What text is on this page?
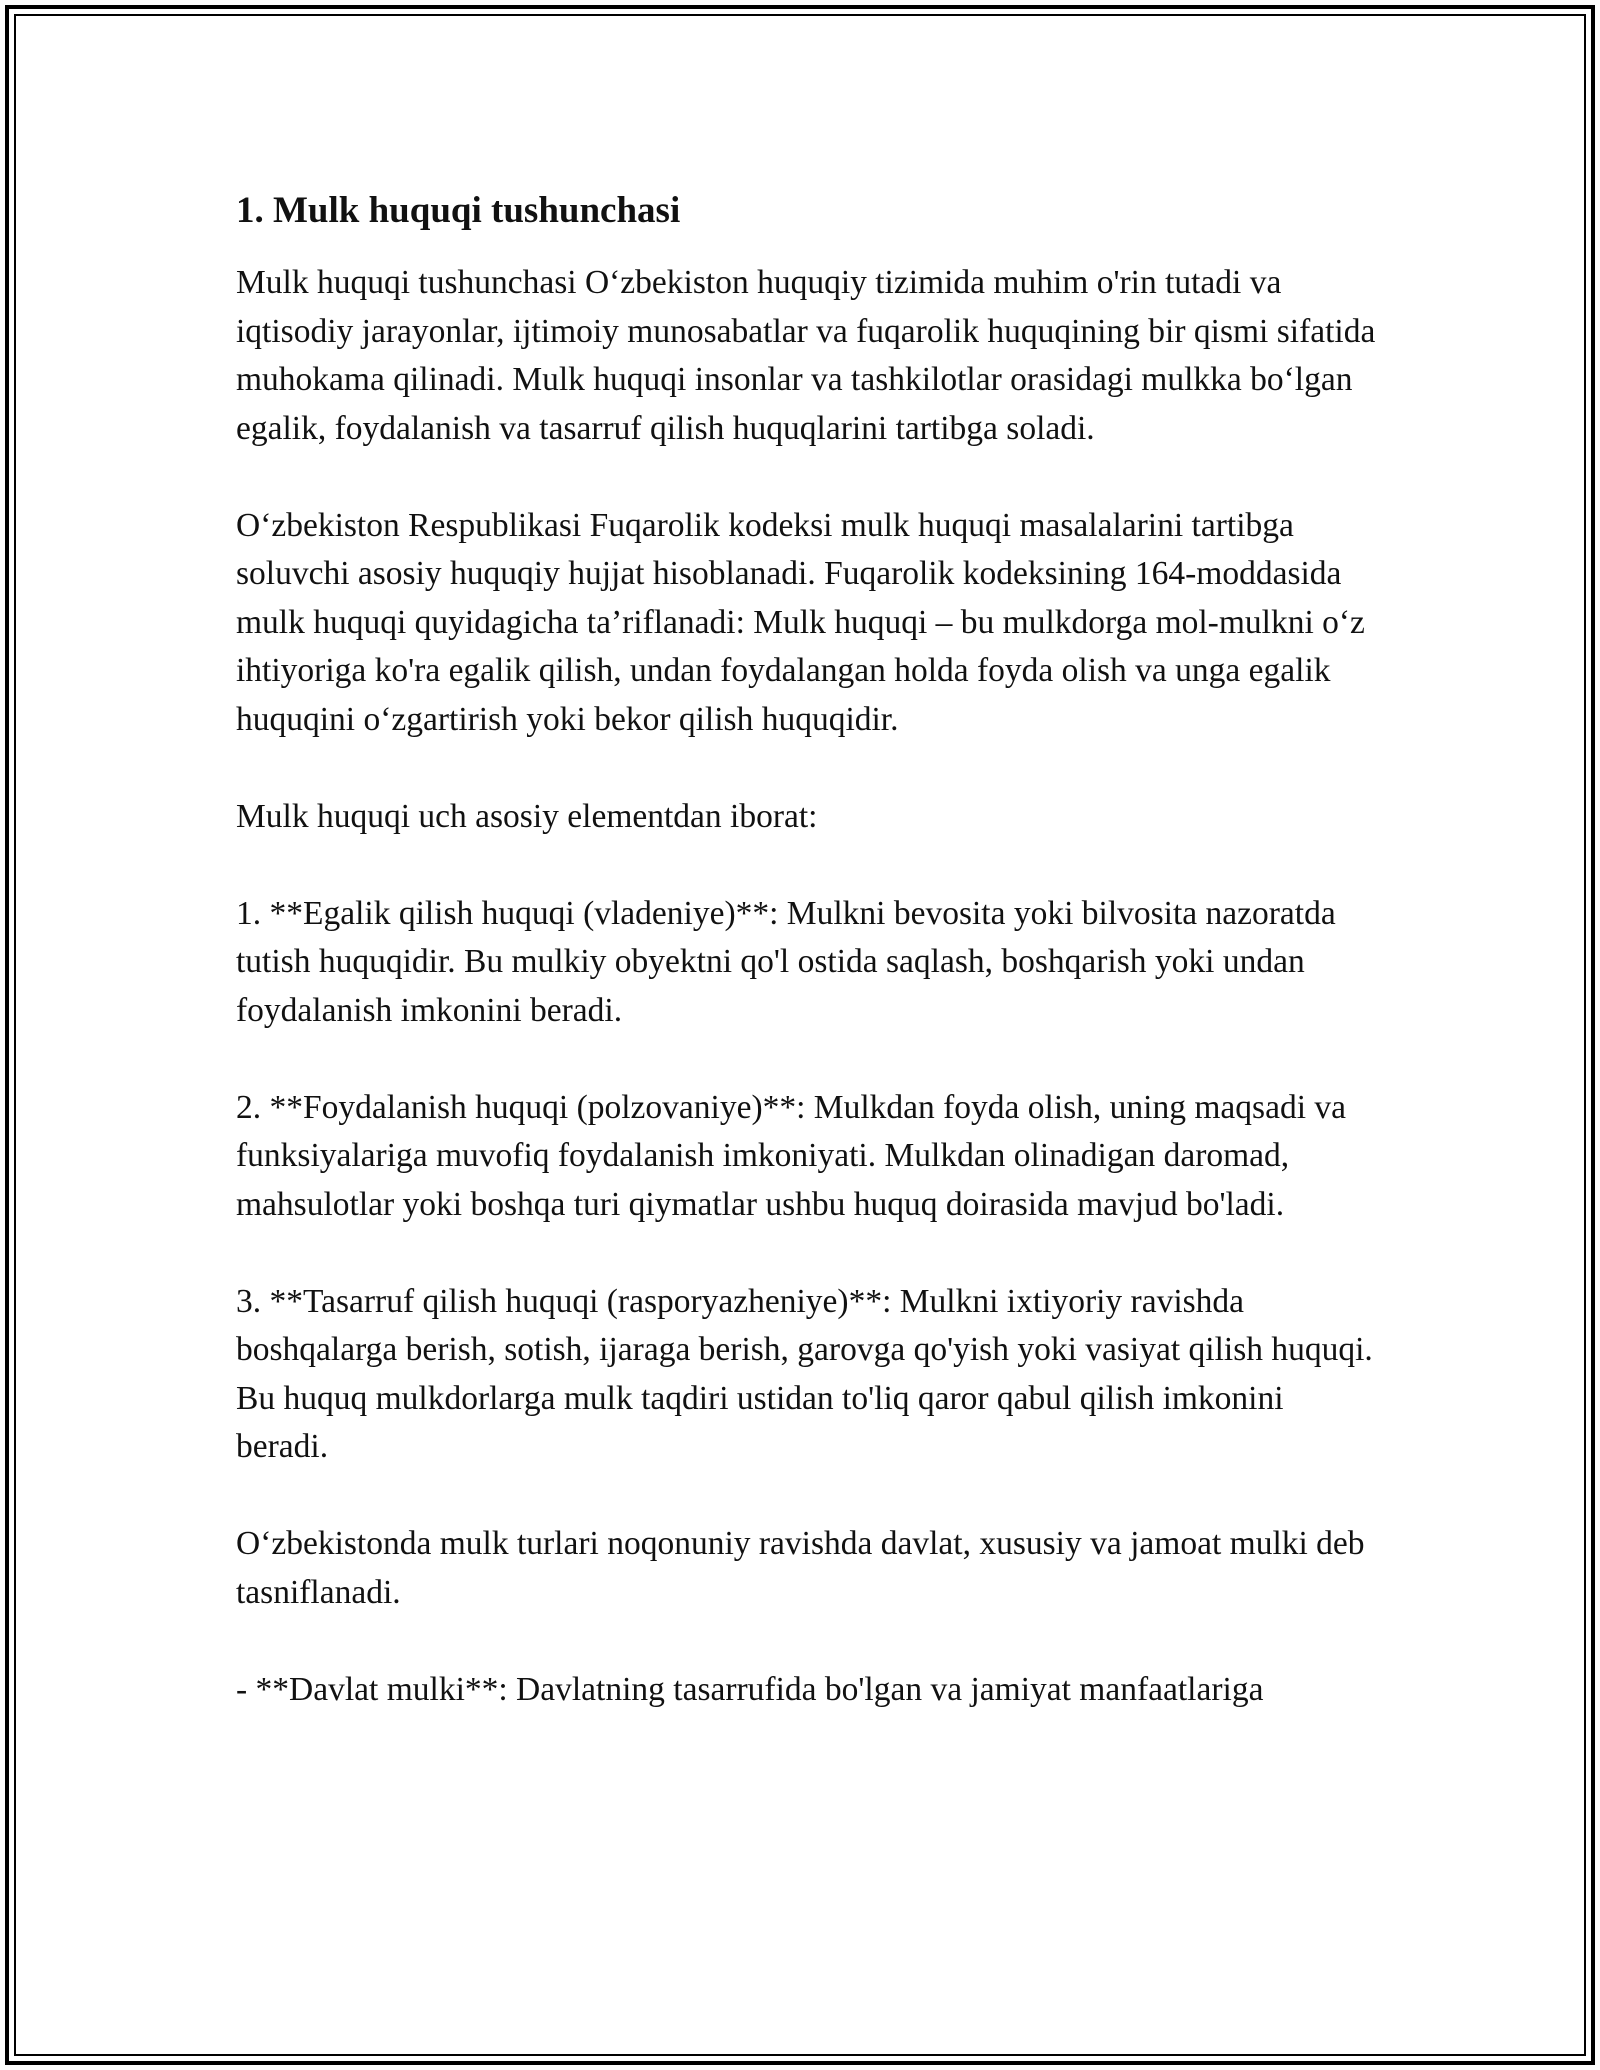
1. Mulk huquqi tushunchasi

Mulk huquqi tushunchasi O‘zbekiston huquqiy tizimida muhim o'rin tutadi va iqtisodiy jarayonlar, ijtimoiy munosabatlar va fuqarolik huquqining bir qismi sifatida muhokama qilinadi. Mulk huquqi insonlar va tashkilotlar orasidagi mulkka bo‘lgan egalik, foydalanish va tasarruf qilish huquqlarini tartibga soladi.

O‘zbekiston Respublikasi Fuqarolik kodeksi mulk huquqi masalalarini tartibga soluvchi asosiy huquqiy hujjat hisoblanadi. Fuqarolik kodeksining 164-moddasida mulk huquqi quyidagicha ta’riflanadi: Mulk huquqi – bu mulkdorga mol-mulkni o‘z ihtiyoriga ko'ra egalik qilish, undan foydalangan holda foyda olish va unga egalik huquqini o‘zgartirish yoki bekor qilish huquqidir.

Mulk huquqi uch asosiy elementdan iborat:

1. **Egalik qilish huquqi (vladeniye)**: Mulkni bevosita yoki bilvosita nazoratda tutish huquqidir. Bu mulkiy obyektni qo'l ostida saqlash, boshqarish yoki undan foydalanish imkonini beradi.

2. **Foydalanish huquqi (polzovaniye)**: Mulkdan foyda olish, uning maqsadi va funksiyalariga muvofiq foydalanish imkoniyati. Mulkdan olinadigan daromad, mahsulotlar yoki boshqa turi qiymatlar ushbu huquq doirasida mavjud bo'ladi.

3. **Tasarruf qilish huquqi (rasporyazheniye)**: Mulkni ixtiyoriy ravishda boshqalarga berish, sotish, ijaraga berish, garovga qo'yish yoki vasiyat qilish huquqi. Bu huquq mulkdorlarga mulk taqdiri ustidan to'liq qaror qabul qilish imkonini beradi.

O‘zbekistonda mulk turlari noqonuniy ravishda davlat, xususiy va jamoat mulki deb tasniflanadi.

- **Davlat mulki**: Davlatning tasarrufida bo'lgan va jamiyat manfaatlariga
